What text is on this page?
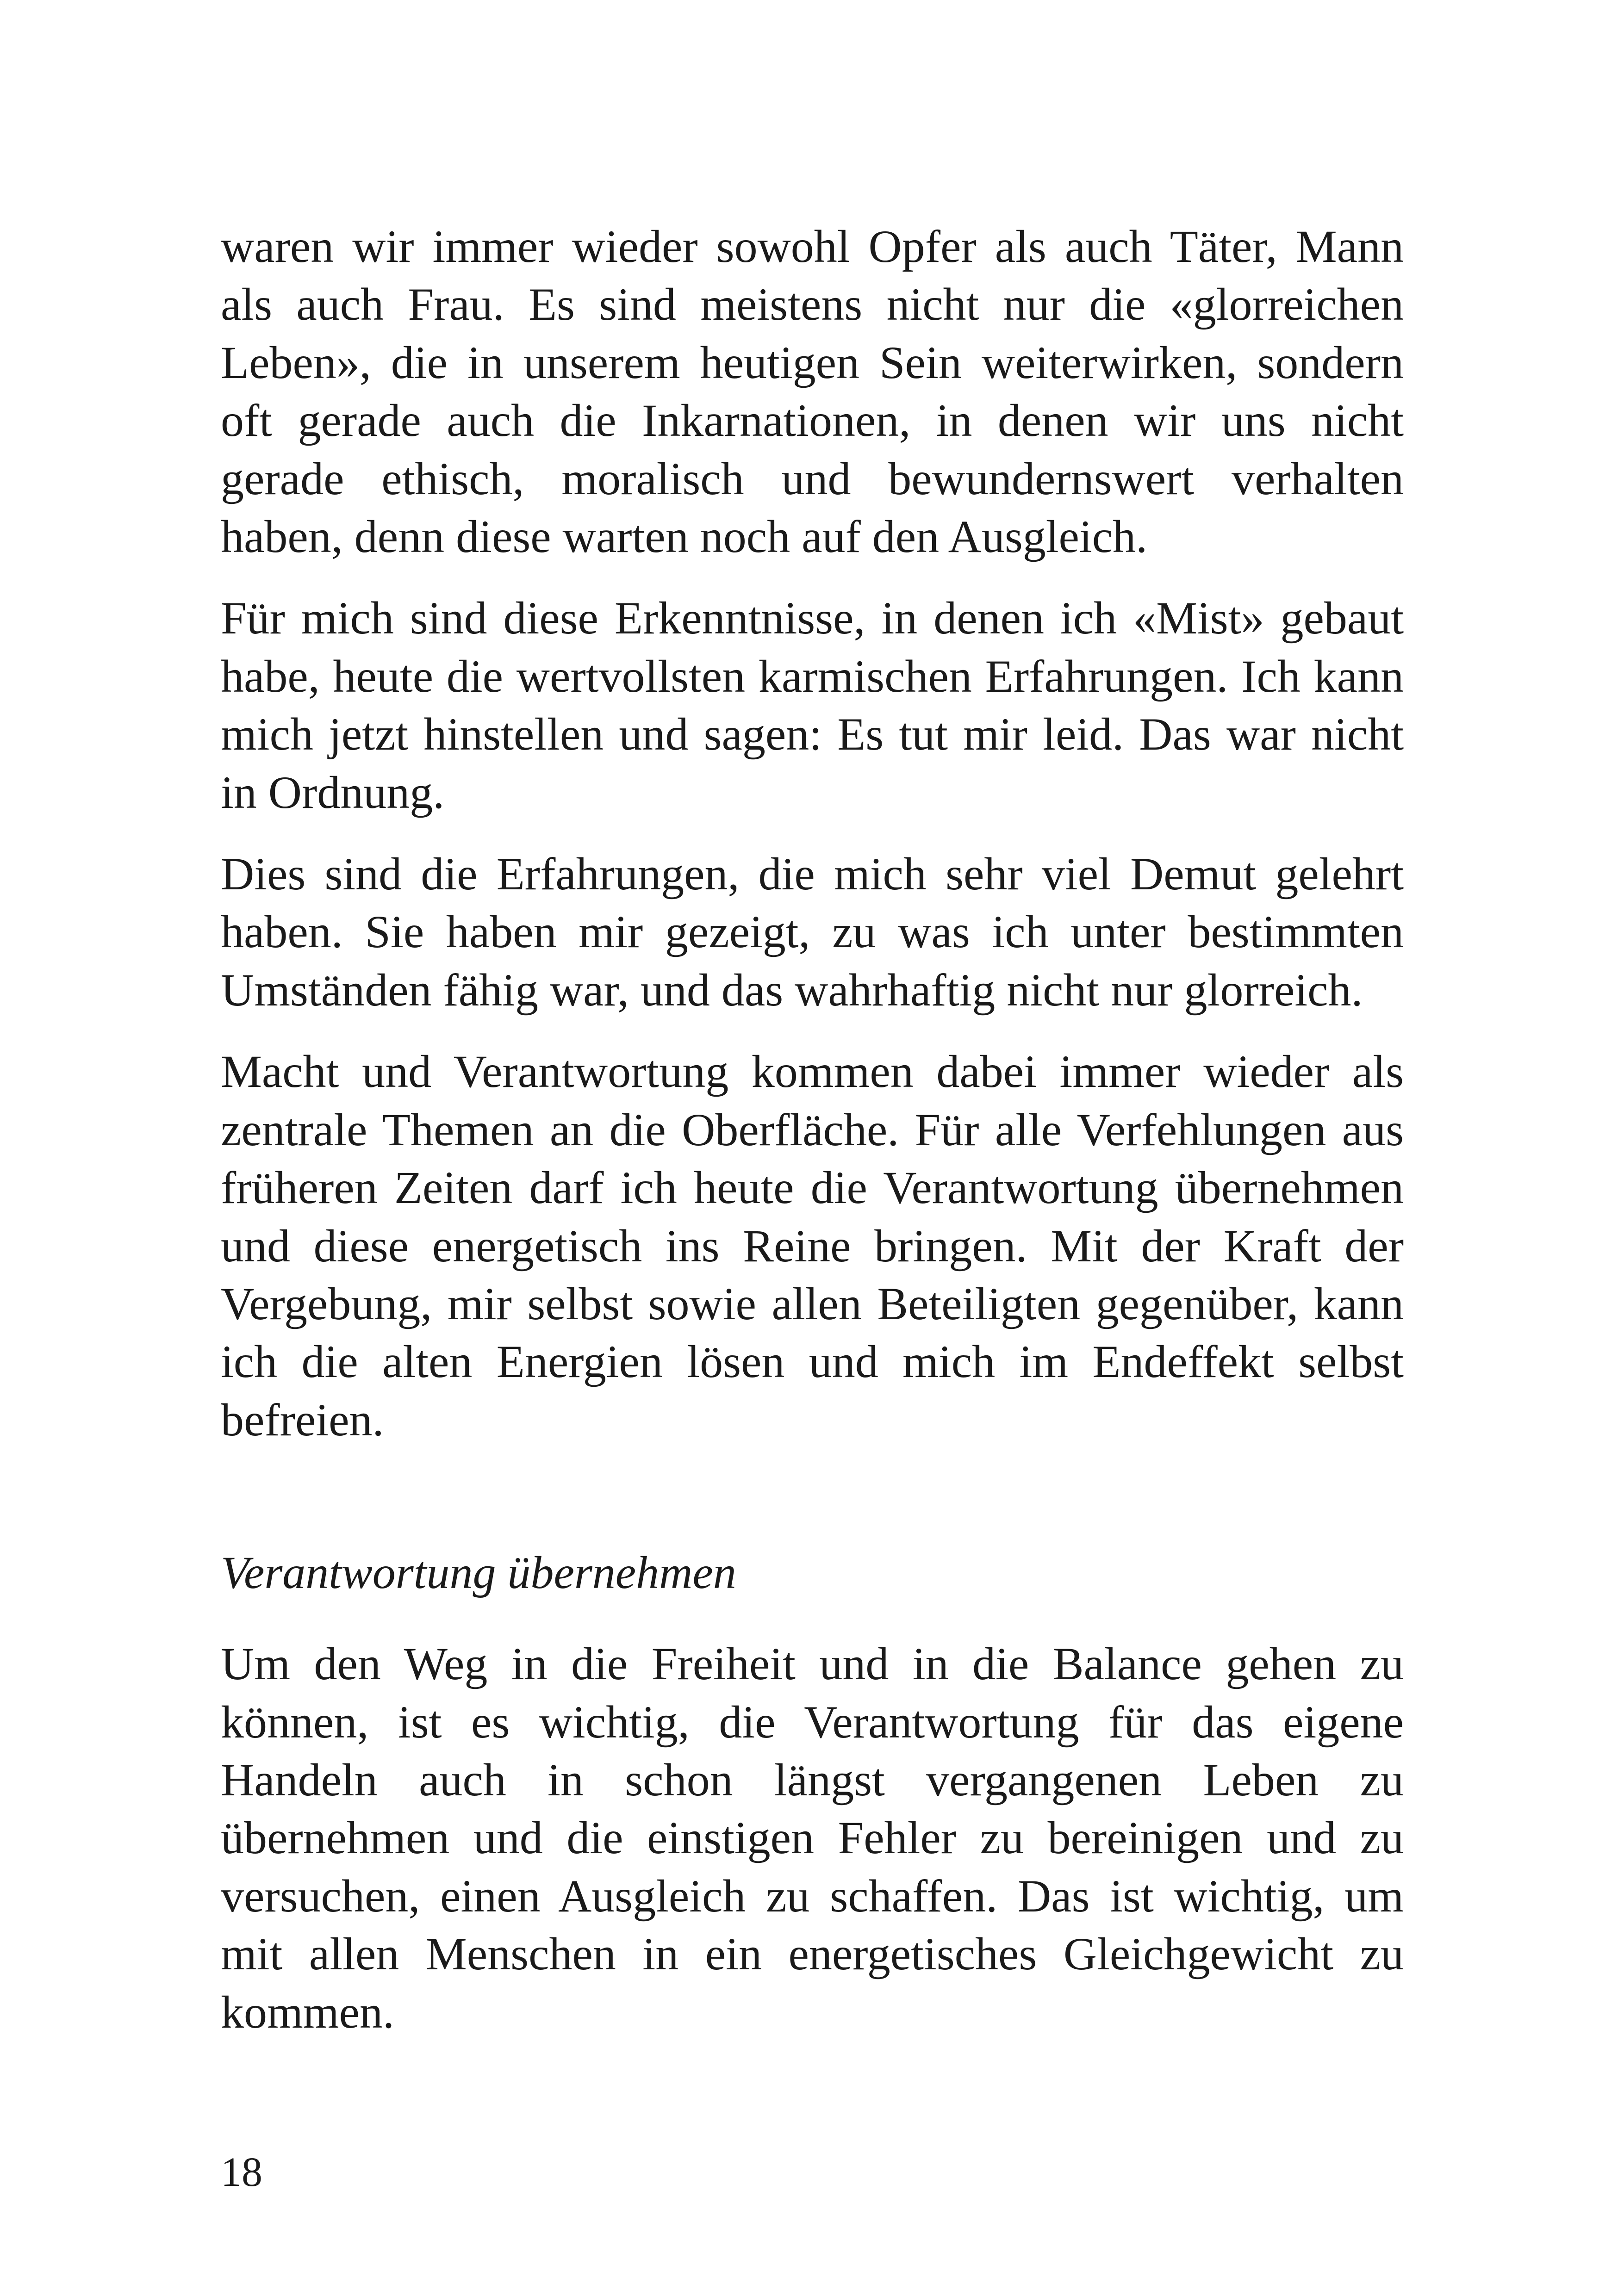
waren wir immer wieder sowohl Opfer als auch Täter, Mann als auch Frau. Es sind meistens nicht nur die «glorreichen Leben», die in unserem heutigen Sein weiterwirken, sondern oft gerade auch die Inkarnationen, in denen wir uns nicht gerade ethisch, moralisch und bewundernswert verhalten haben, denn diese warten noch auf den Ausgleich.

Für mich sind diese Erkenntnisse, in denen ich «Mist» gebaut habe, heute die wertvollsten karmischen Erfahrungen. Ich kann mich jetzt hinstellen und sagen: Es tut mir leid. Das war nicht in Ordnung.

Dies sind die Erfahrungen, die mich sehr viel Demut gelehrt haben. Sie haben mir gezeigt, zu was ich unter bestimmten Umständen fähig war, und das wahrhaftig nicht nur glorreich.

Macht und Verantwortung kommen dabei immer wieder als zentrale Themen an die Oberfläche. Für alle Verfehlungen aus früheren Zeiten darf ich heute die Verantwortung übernehmen und diese energetisch ins Reine bringen. Mit der Kraft der Vergebung, mir selbst sowie allen Beteiligten gegenüber, kann ich die alten Energien lösen und mich im Endeffekt selbst befreien.

Verantwortung übernehmen

Um den Weg in die Freiheit und in die Balance gehen zu können, ist es wichtig, die Verantwortung für das eigene Handeln auch in schon längst vergangenen Leben zu übernehmen und die einstigen Fehler zu bereinigen und zu versuchen, einen Ausgleich zu schaffen. Das ist wichtig, um mit allen Menschen in ein energetisches Gleichgewicht zu kommen.

18
